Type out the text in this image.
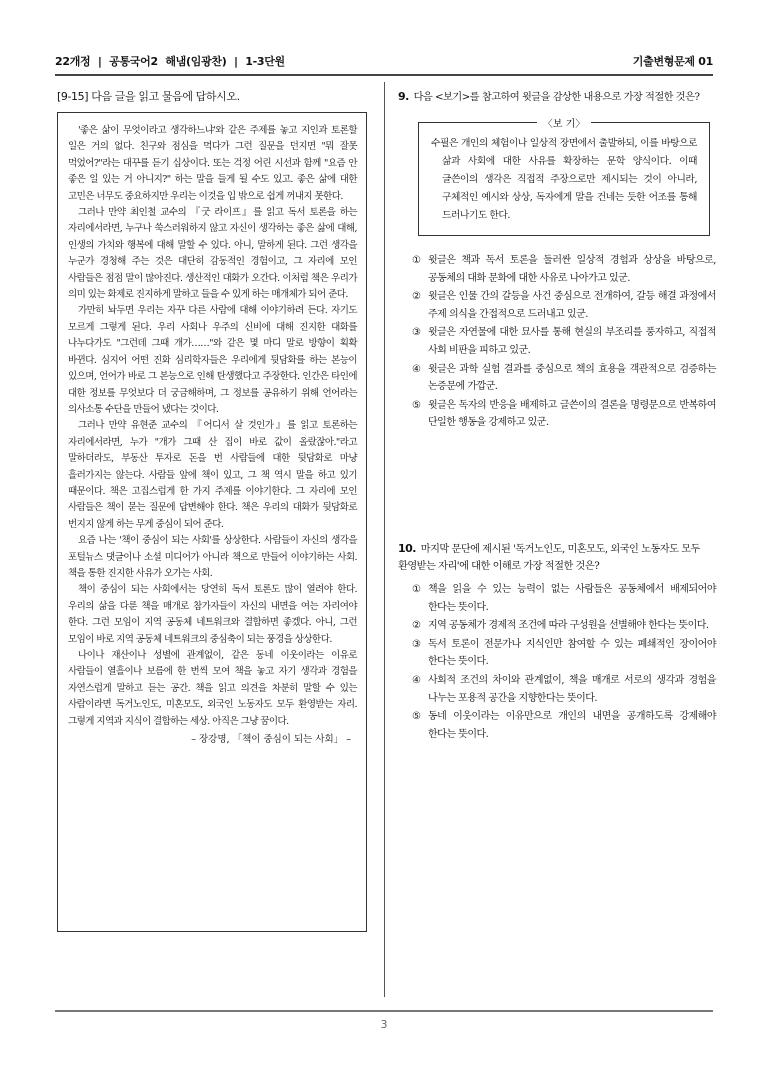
22개정 | 공통국어2 해냄(임광찬) | 1-3단원	기출변형문제 01
[9-15] 다음 글을 읽고 물음에 답하시오.

'좋은 삶이 무엇이라고 생각하느냐'와 같은 주제를 놓고 지인과 토론할 일은 거의 없다. 친구와 점심을 먹다가 그런 질문을 던지면 "뭐 잘못 먹었어?"라는 대꾸를 듣기 십상이다. 또는 걱정 어린 시선과 함께 "요즘 안 좋은 일 있는 거 아니지?" 하는 말을 들게 될 수도 있고. 좋은 삶에 대한 고민은 너무도 중요하지만 우리는 이것을 입 밖으로 쉽게 꺼내지 못한다.

그러나 만약 최인철 교수의 『굿 라이프』를 읽고 독서 토론을 하는 자리에서라면, 누구나 쑥스러워하지 않고 자신이 생각하는 좋은 삶에 대해, 인생의 가치와 행복에 대해 말할 수 있다. 아니, 말하게 된다. 그런 생각을 누군가 경청해 주는 것은 대단히 감동적인 경험이고, 그 자리에 모인 사람들은 점점 말이 많아진다. 생산적인 대화가 오간다. 이처럼 책은 우리가 의미 있는 화제로 진지하게 말하고 들을 수 있게 하는 매개체가 되어 준다.

가만히 놔두면 우리는 자꾸 다른 사람에 대해 이야기하려 든다. 자기도 모르게 그렇게 된다. 우리 사회나 우주의 신비에 대해 진지한 대화를 나누다가도 "그런데 그때 개가……"와 같은 몇 마디 말로 방향이 획확 바뀐다. 심지어 어떤 진화 심리학자들은 우리에게 뒷담화를 하는 본능이 있으며, 언어가 바로 그 본능으로 인해 탄생했다고 주장한다. 인간은 타인에 대한 정보를 무엇보다 더 궁금해하며, 그 정보를 공유하기 위해 언어라는 의사소통 수단을 만들어 냈다는 것이다.

그러나 만약 유현준 교수의 『어디서 살 것인가』를 읽고 토론하는 자리에서라면, 누가 "개가 그때 산 집이 바로 값이 올랐잖아."라고 말하더라도, 부동산 투자로 돈을 번 사람들에 대한 뒷담화로 마냥 흘러가지는 않는다. 사람들 앞에 책이 있고, 그 책 역시 말을 하고 있기 때문이다. 책은 고집스럽게 한 가지 주제를 이야기한다. 그 자리에 모인 사람들은 책이 묻는 질문에 답변해야 한다. 책은 우리의 대화가 뒷담화로 번지지 않게 하는 무게 중심이 되어 준다.

요즘 나는 '책이 중심이 되는 사회'를 상상한다. 사람들이 자신의 생각을 포털뉴스 댓글이나 소셜 미디어가 아니라 책으로 만들어 이야기하는 사회. 책을 통한 진지한 사유가 오가는 사회.

책이 중심이 되는 사회에서는 당연히 독서 토론도 많이 열려야 한다. 우리의 삶을 다룬 책을 매개로 참가자들이 자신의 내면을 여는 자리여야 한다. 그런 모임이 지역 공동체 네트워크와 결합하면 좋겠다. 아니, 그런 모임이 바로 지역 공동체 네트워크의 중심축이 되는 풍경을 상상한다.

나이나 재산이나 성별에 관계없이, 같은 동네 이웃이라는 이유로 사람들이 열흘이나 보름에 한 번씩 모여 책을 놓고 자기 생각과 경험을 자연스럽게 말하고 듣는 공간. 책을 읽고 의견을 차분히 말할 수 있는 사람이라면 독거노인도, 미혼모도, 외국인 노동자도 모두 환영받는 자리. 그렇게 지역과 지식이 결합하는 세상. 아직은 그냥 꿈이다.

– 장강명, 「책이 중심이 되는 사회」 –

9. 다음 <보기>를 참고하여 윗글을 감상한 내용으로 가장 적절한 것은?
〈보 기〉

수필은 개인의 체험이나 일상적 장면에서 출발하되, 이를 바탕으로 삶과 사회에 대한 사유를 확장하는 문학 양식이다. 이때 글쓴이의 생각은 직접적 주장으로만 제시되는 것이 아니라, 구체적인 예시와 상상, 독자에게 말을 건네는 듯한 어조를 통해 드러나기도 한다.

① 윗글은 책과 독서 토론을 둘러싼 일상적 경험과 상상을 바탕으로, 공동체의 대화 문화에 대한 사유로 나아가고 있군.
② 윗글은 인물 간의 갈등을 사건 중심으로 전개하여, 갈등 해결 과정에서 주제 의식을 간접적으로 드러내고 있군.
③ 윗글은 자연물에 대한 묘사를 통해 현실의 부조리를 풍자하고, 직접적 사회 비판을 피하고 있군.
④ 윗글은 과학 실험 결과를 중심으로 책의 효용을 객관적으로 검증하는 논증문에 가깝군.
⑤ 윗글은 독자의 반응을 배제하고 글쓴이의 결론을 명령문으로 반복하여 단일한 행동을 강제하고 있군.
10. 마지막 문단에 제시된 '독거노인도, 미혼모도, 외국인 노동자도 모두 환영받는 자리'에 대한 이해로 가장 적절한 것은?
① 책을 읽을 수 있는 능력이 없는 사람들은 공동체에서 배제되어야 한다는 뜻이다.
② 지역 공동체가 경제적 조건에 따라 구성원을 선별해야 한다는 뜻이다.
③ 독서 토론이 전문가나 지식인만 참여할 수 있는 폐쇄적인 장이어야 한다는 뜻이다.
④ 사회적 조건의 차이와 관계없이, 책을 매개로 서로의 생각과 경험을 나누는 포용적 공간을 지향한다는 뜻이다.
⑤ 동네 이웃이라는 이유만으로 개인의 내면을 공개하도록 강제해야 한다는 뜻이다.
3
